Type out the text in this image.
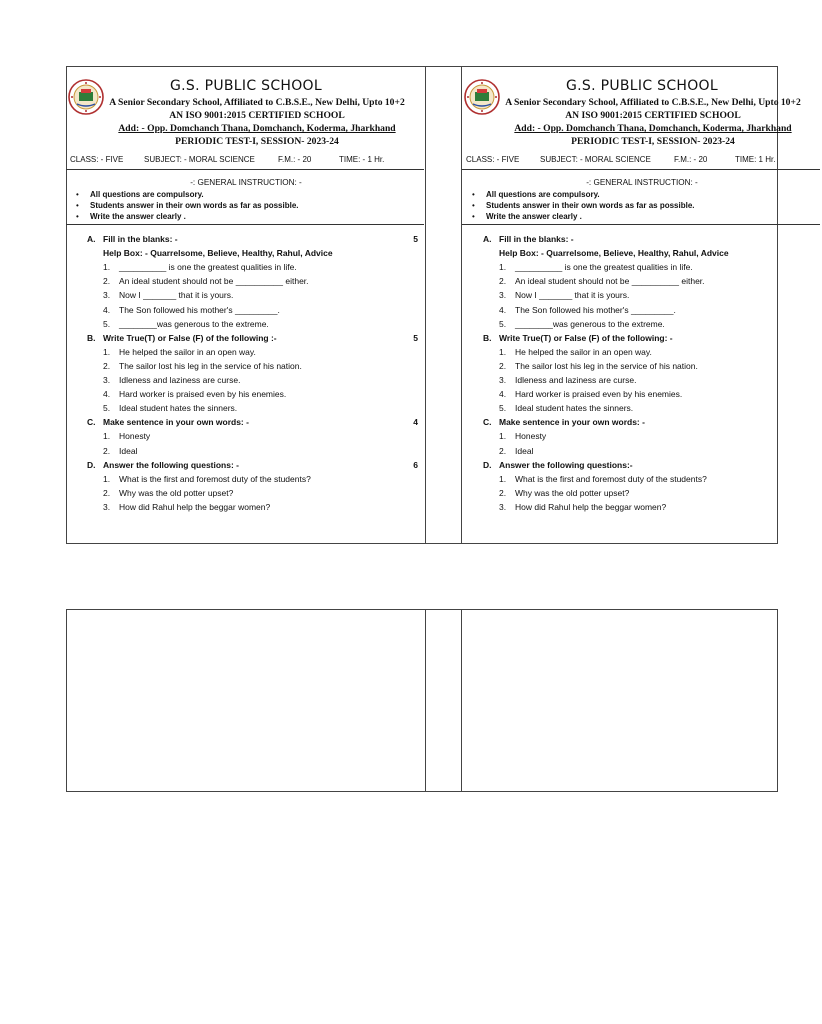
G.S. PUBLIC SCHOOL
A Senior Secondary School, Affiliated to C.B.S.E., New Delhi, Upto 10+2
AN ISO 9001:2015 CERTIFIED SCHOOL
Add: - Opp. Domchanch Thana, Domchanch, Koderma, Jharkhand
PERIODIC TEST-I, SESSION- 2023-24
CLASS: - FIVE	SUBJECT: - MORAL SCIENCE	F.M.: - 20	TIME: - 1 Hr.
-: GENERAL INSTRUCTION: -
• All questions are compulsory.
• Students answer in their own words as far as possible.
• Write the answer clearly .
A. Fill in the blanks: -	5
Help Box: - Quarrelsome, Believe, Healthy, Rahul, Advice
1. __________ is one the greatest qualities in life.
2. An ideal student should not be __________ either.
3. Now I _______ that it is yours.
4. The Son followed his mother's _________.
5. ________was generous to the extreme.
B. Write True(T) or False (F) of the following :-	5
1. He helped the sailor in an open way.
2. The sailor lost his leg in the service of his nation.
3. Idleness and laziness are curse.
4. Hard worker is praised even by his enemies.
5. Ideal student hates the sinners.
C. Make sentence in your own words: -	4
1. Honesty
2. Ideal
D. Answer the following questions: -	6
1. What is the first and foremost duty of the students?
2. Why was the old potter upset?
3. How did Rahul help the beggar women?
G.S. PUBLIC SCHOOL
A Senior Secondary School, Affiliated to C.B.S.E., New Delhi, Upto 10+2
AN ISO 9001:2015 CERTIFIED SCHOOL
Add: - Opp. Domchanch Thana, Domchanch, Koderma, Jharkhand
PERIODIC TEST-I, SESSION- 2023-24
CLASS: - FIVE	SUBJECT: - MORAL SCIENCE	F.M.: - 20	TIME: 1 Hr.
-: GENERAL INSTRUCTION: -
• All questions are compulsory.
• Students answer in their own words as far as possible.
• Write the answer clearly .
A. Fill in the blanks: -
Help Box: - Quarrelsome, Believe, Healthy, Rahul, Advice
1. __________ is one the greatest qualities in life.
2. An ideal student should not be __________ either.
3. Now I _______ that it is yours.
4. The Son followed his mother's _________.
5. ________was generous to the extreme.
B. Write True(T) or False (F) of the following: -
1. He helped the sailor in an open way.
2. The sailor lost his leg in the service of his nation.
3. Idleness and laziness are curse.
4. Hard worker is praised even by his enemies.
5. Ideal student hates the sinners.
C. Make sentence in your own words: -
1. Honesty
2. Ideal
D. Answer the following questions:-
1. What is the first and foremost duty of the students?
2. Why was the old potter upset?
3. How did Rahul help the beggar women?
